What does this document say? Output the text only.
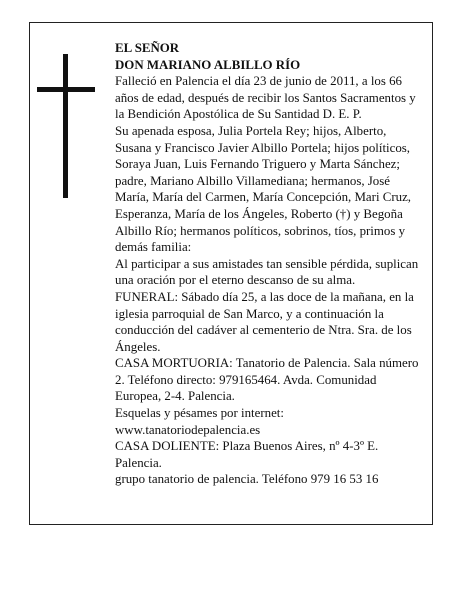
EL SEÑOR

DON MARIANO ALBILLO RÍO

Falleció en Palencia el día 23 de junio de 2011, a los 66 años de edad, después de recibir los Santos Sacramentos y la Bendición Apostólica de Su Santidad D. E. P.

Su apenada esposa, Julia Portela Rey; hijos, Alberto, Susana y Francisco Javier Albillo Portela; hijos políticos, Soraya Juan, Luis Fernando Triguero y Marta Sánchez; padre, Mariano Albillo Villamediana; hermanos, José María, María del Carmen, María Concepción, Mari Cruz, Esperanza, María de los Ángeles, Roberto (†) y Begoña Albillo Río; hermanos políticos, sobrinos, tíos, primos y demás familia:

Al participar a sus amistades tan sensible pérdida, suplican una oración por el eterno descanso de su alma.

FUNERAL: Sábado día 25, a las doce de la mañana, en la iglesia parroquial de San Marco, y a continuación la conducción del cadáver al cementerio de Ntra. Sra. de los Ángeles.

CASA MORTUORIA: Tanatorio de Palencia. Sala número 2. Teléfono directo: 979165464. Avda. Comunidad Europea, 2-4. Palencia.

Esquelas y pésames por internet: www.tanatoriodepalencia.es

CASA DOLIENTE: Plaza Buenos Aires, nº 4-3º E. Palencia.

grupo tanatorio de palencia. Teléfono 979 16 53 16
